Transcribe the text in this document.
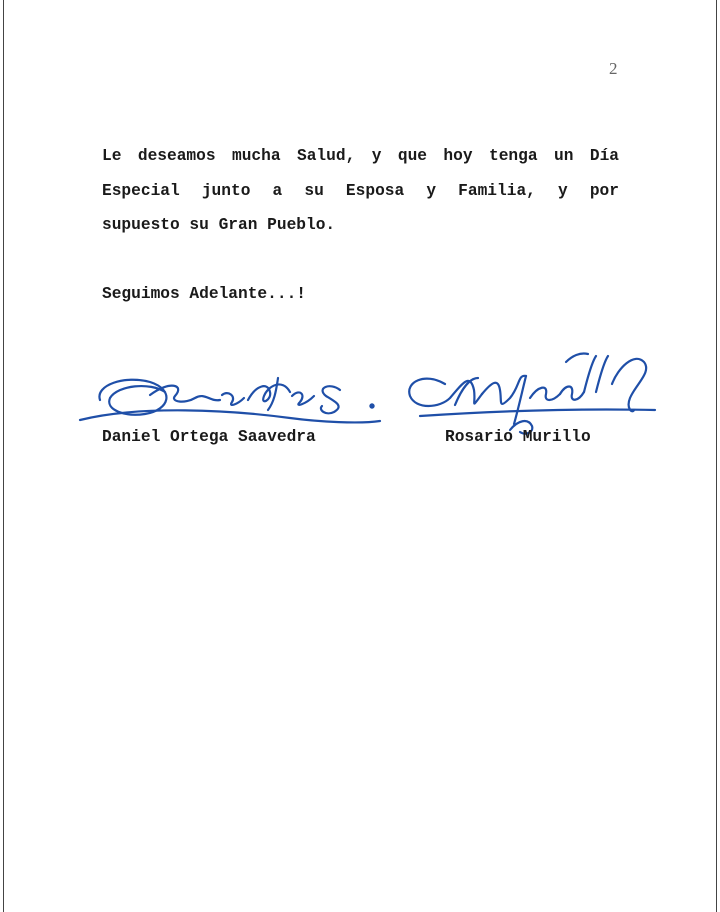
2
Le deseamos mucha Salud, y que hoy tenga un Día
Especial junto a su Esposa y Familia, y por
supuesto su Gran Pueblo.
Seguimos Adelante...!
Daniel Ortega Saavedra	Rosario Murillo
